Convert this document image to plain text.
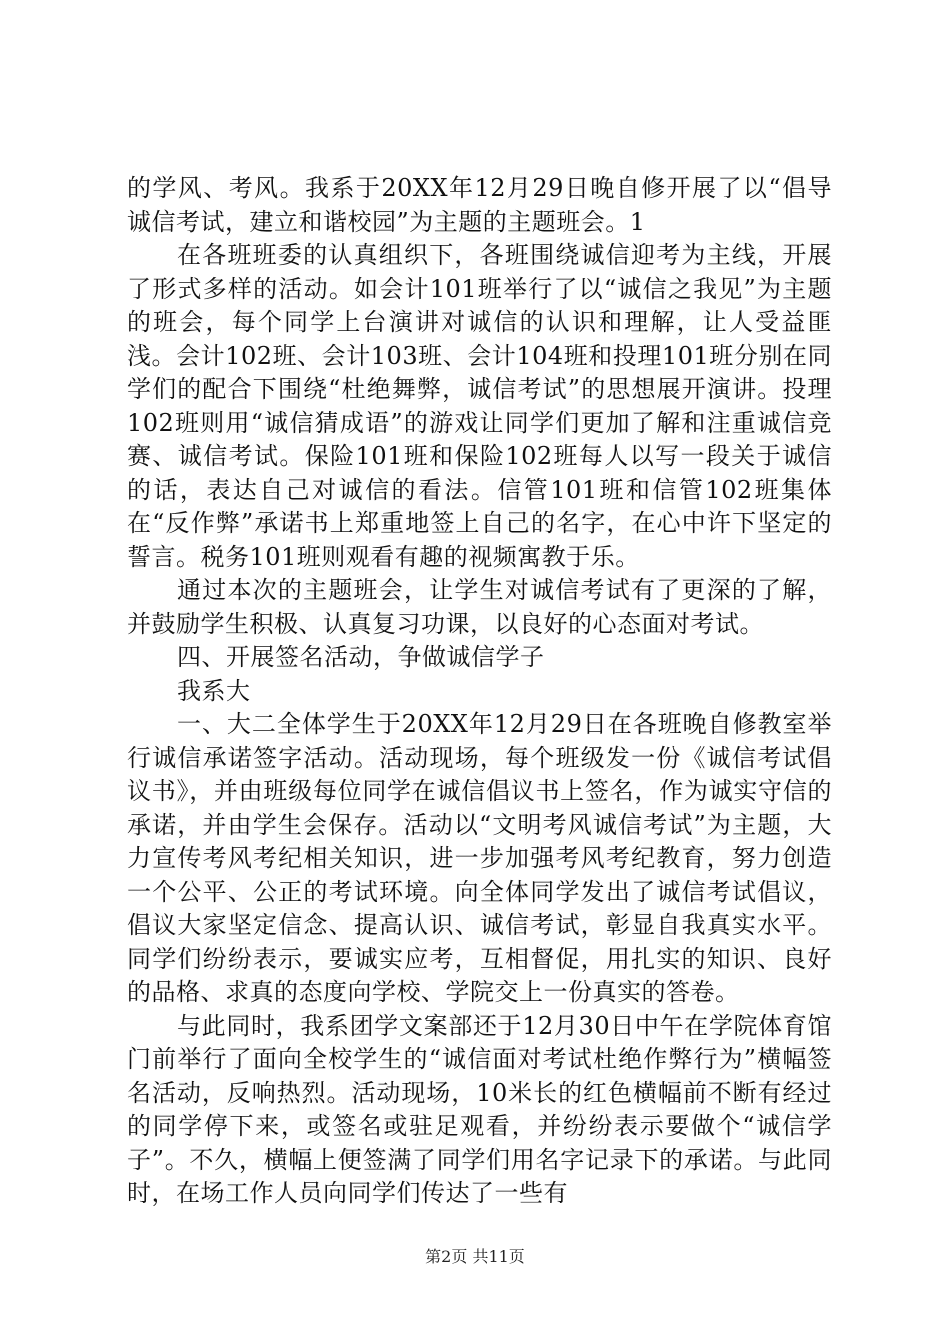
的学风、考风。我系于20XX年12月29日晚自修开展了以“倡导诚信考试，建立和谐校园”为主题的主题班会。1

在各班班委的认真组织下，各班围绕诚信迎考为主线，开展了形式多样的活动。如会计101班举行了以“诚信之我见”为主题的班会，每个同学上台演讲对诚信的认识和理解，让人受益匪浅。会计102班、会计103班、会计104班和投理101班分别在同学们的配合下围绕“杜绝舞弊，诚信考试”的思想展开演讲。投理102班则用“诚信猜成语”的游戏让同学们更加了解和注重诚信竞赛、诚信考试。保险101班和保险102班每人以写一段关于诚信的话，表达自己对诚信的看法。信管101班和信管102班集体在“反作弊”承诺书上郑重地签上自己的名字，在心中许下坚定的誓言。税务101班则观看有趣的视频寓教于乐。

通过本次的主题班会，让学生对诚信考试有了更深的了解，并鼓励学生积极、认真复习功课，以良好的心态面对考试。

四、开展签名活动，争做诚信学子

我系大

一、大二全体学生于20XX年12月29日在各班晚自修教室举行诚信承诺签字活动。活动现场，每个班级发一份《诚信考试倡议书》，并由班级每位同学在诚信倡议书上签名，作为诚实守信的承诺，并由学生会保存。活动以“文明考风诚信考试”为主题，大力宣传考风考纪相关知识，进一步加强考风考纪教育，努力创造一个公平、公正的考试环境。向全体同学发出了诚信考试倡议，倡议大家坚定信念、提高认识、诚信考试，彰显自我真实水平。同学们纷纷表示，要诚实应考，互相督促，用扎实的知识、良好的品格、求真的态度向学校、学院交上一份真实的答卷。

与此同时，我系团学文案部还于12月30日中午在学院体育馆门前举行了面向全校学生的“诚信面对考试杜绝作弊行为”横幅签名活动，反响热烈。活动现场，10米长的红色横幅前不断有经过的同学停下来，或签名或驻足观看，并纷纷表示要做个“诚信学子”。不久，横幅上便签满了同学们用名字记录下的承诺。与此同时，在场工作人员向同学们传达了一些有

第2页 共11页
